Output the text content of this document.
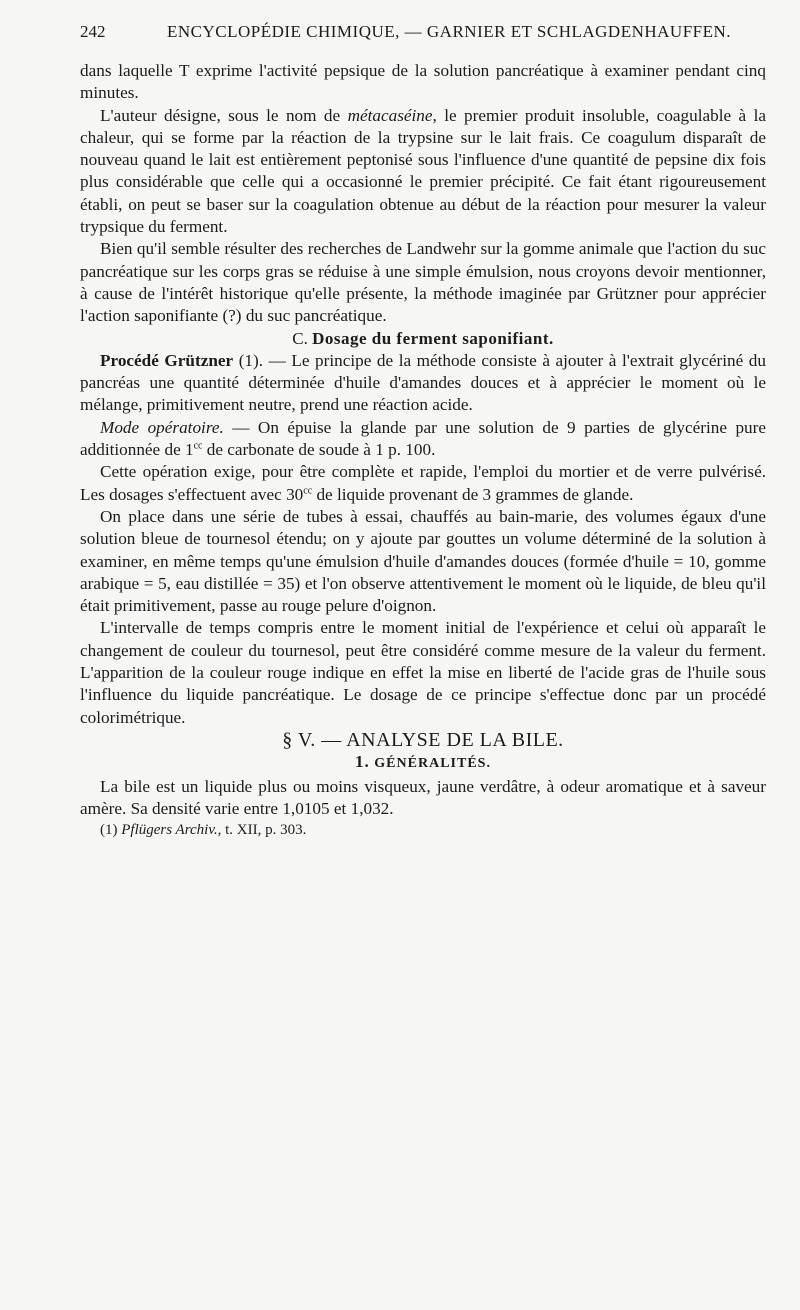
242	ENCYCLOPÉDIE CHIMIQUE, — GARNIER ET SCHLAGDENHAUFFEN.

dans laquelle T exprime l'activité pepsique de la solution pancréatique à examiner pendant cinq minutes.

L'auteur désigne, sous le nom de métacaséine, le premier produit insoluble, coagulable à la chaleur, qui se forme par la réaction de la trypsine sur le lait frais. Ce coagulum disparaît de nouveau quand le lait est entièrement peptonisé sous l'influence d'une quantité de pepsine dix fois plus considérable que celle qui a occasionné le premier précipité. Ce fait étant rigoureusement établi, on peut se baser sur la coagulation obtenue au début de la réaction pour mesurer la valeur trypsique du ferment.

Bien qu'il semble résulter des recherches de Landwehr sur la gomme animale que l'action du suc pancréatique sur les corps gras se réduise à une simple émulsion, nous croyons devoir mentionner, à cause de l'intérêt historique qu'elle présente, la méthode imaginée par Grützner pour apprécier l'action saponifiante (?) du suc pancréatique.

C. Dosage du ferment saponifiant.

Procédé Grützner (1). — Le principe de la méthode consiste à ajouter à l'extrait glycériné du pancréas une quantité déterminée d'huile d'amandes douces et à apprécier le moment où le mélange, primitivement neutre, prend une réaction acide.

Mode opératoire. — On épuise la glande par une solution de 9 parties de glycérine pure additionnée de $1^{cc}$ de carbonate de soude à 1 p. 100.

Cette opération exige, pour être complète et rapide, l'emploi du mortier et de verre pulvérisé. Les dosages s'effectuent avec $30^{cc}$ de liquide provenant de 3 grammes de glande.

On place dans une série de tubes à essai, chauffés au bain-marie, des volumes égaux d'une solution bleue de tournesol étendu; on y ajoute par gouttes un volume déterminé de la solution à examiner, en même temps qu'une émulsion d'huile d'amandes douces (formée d'huile = 10, gomme arabique = 5, eau distillée = 35) et l'on observe attentivement le moment où le liquide, de bleu qu'il était primitivement, passe au rouge pelure d'oignon.

L'intervalle de temps compris entre le moment initial de l'expérience et celui où apparaît le changement de couleur du tournesol, peut être considéré comme mesure de la valeur du ferment. L'apparition de la couleur rouge indique en effet la mise en liberté de l'acide gras de l'huile sous l'influence du liquide pancréatique. Le dosage de ce principe s'effectue donc par un procédé colorimétrique.

§ V. — ANALYSE DE LA BILE.

1. GÉNÉRALITÉS.

La bile est un liquide plus ou moins visqueux, jaune verdâtre, à odeur aromatique et à saveur amère. Sa densité varie entre 1,0105 et 1,032.

(1) Pflügers Archiv., t. XII, p. 303.
